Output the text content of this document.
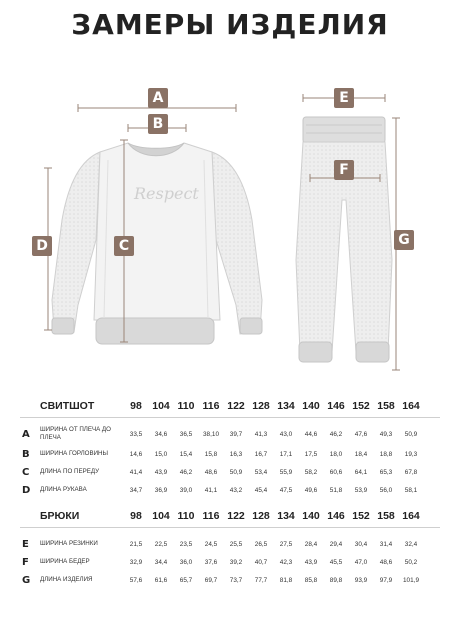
ЗАМЕРЫ ИЗДЕЛИЯ
Respect
A
B
C
D
E
F
G
СВИТШОТ	98 104 110 116 122 128 134 140 146 152 158 164
A ШИРИНА ОТ ПЛЕЧА ДО ПЛЕЧА	33,5	34,6	36,5	38,10	39,7	41,3	43,0	44,6	46,2	47,6	49,3	50,9
B ШИРИНА ГОРЛОВИНЫ	14,6	15,0	15,4	15,8	16,3	16,7	17,1	17,5	18,0	18,4	18,8	19,3
C ДЛИНА ПО ПЕРЕДУ	41,4	43,9	46,2	48,6	50,9	53,4	55,9	58,2	60,6	64,1	65,3	67,8
D ДЛИНА РУКАВА	34,7	36,9	39,0	41,1	43,2	45,4	47,5	49,6	51,8	53,9	56,0	58,1
БРЮКИ	98 104 110 116 122 128 134 140 146 152 158 164
E ШИРИНА РЕЗИНКИ	21,5	22,5	23,5	24,5	25,5	26,5	27,5	28,4	29,4	30,4	31,4	32,4
F ШИРИНА БЕДЕР	32,9	34,4	36,0	37,6	39,2	40,7	42,3	43,9	45,5	47,0	48,6	50,2
G ДЛИНА ИЗДЕЛИЯ	57,6	61,6	65,7	69,7	73,7	77,7	81,8	85,8	89,8	93,9	97,9	101,9
